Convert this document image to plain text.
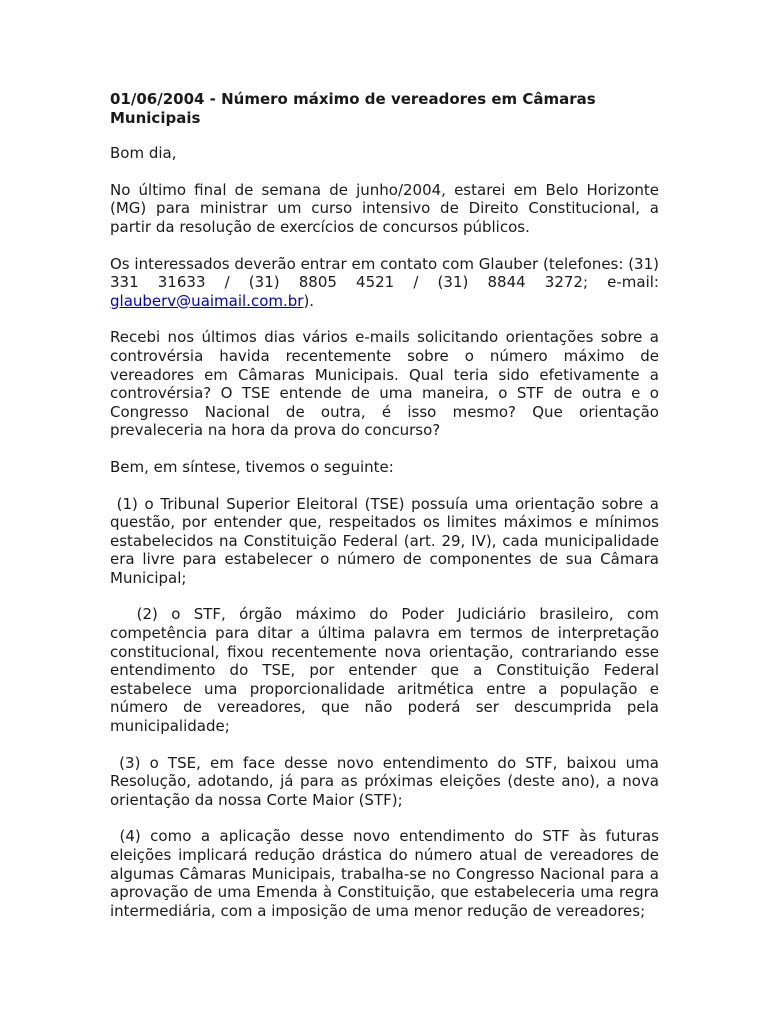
01/06/2004 - Número máximo de vereadores em Câmaras Municipais
Bom dia,
No último final de semana de junho/2004, estarei em Belo Horizonte (MG) para ministrar um curso intensivo de Direito Constitucional, a partir da resolução de exercícios de concursos públicos.
Os interessados deverão entrar em contato com Glauber (telefones: (31) 331 31633 / (31) 8805 4521 / (31) 8844 3272; e-mail: glauberv@uaimail.com.br).
Recebi nos últimos dias vários e-mails solicitando orientações sobre a controvérsia havida recentemente sobre o número máximo de vereadores em Câmaras Municipais. Qual teria sido efetivamente a controvérsia? O TSE entende de uma maneira, o STF de outra e o Congresso Nacional de outra, é isso mesmo? Que orientação prevaleceria na hora da prova do concurso?
Bem, em síntese, tivemos o seguinte:
(1) o Tribunal Superior Eleitoral (TSE) possuía uma orientação sobre a questão, por entender que, respeitados os limites máximos e mínimos estabelecidos na Constituição Federal (art. 29, IV), cada municipalidade era livre para estabelecer o número de componentes de sua Câmara Municipal;
(2) o STF, órgão máximo do Poder Judiciário brasileiro, com competência para ditar a última palavra em termos de interpretação constitucional, fixou recentemente nova orientação, contrariando esse entendimento do TSE, por entender que a Constituição Federal estabelece uma proporcionalidade aritmética entre a população e número de vereadores, que não poderá ser descumprida pela municipalidade;
(3) o TSE, em face desse novo entendimento do STF, baixou uma Resolução, adotando, já para as próximas eleições (deste ano), a nova orientação da nossa Corte Maior (STF);
(4) como a aplicação desse novo entendimento do STF às futuras eleições implicará redução drástica do número atual de vereadores de algumas Câmaras Municipais, trabalha-se no Congresso Nacional para a aprovação de uma Emenda à Constituição, que estabeleceria uma regra intermediária, com a imposição de uma menor redução de vereadores;
